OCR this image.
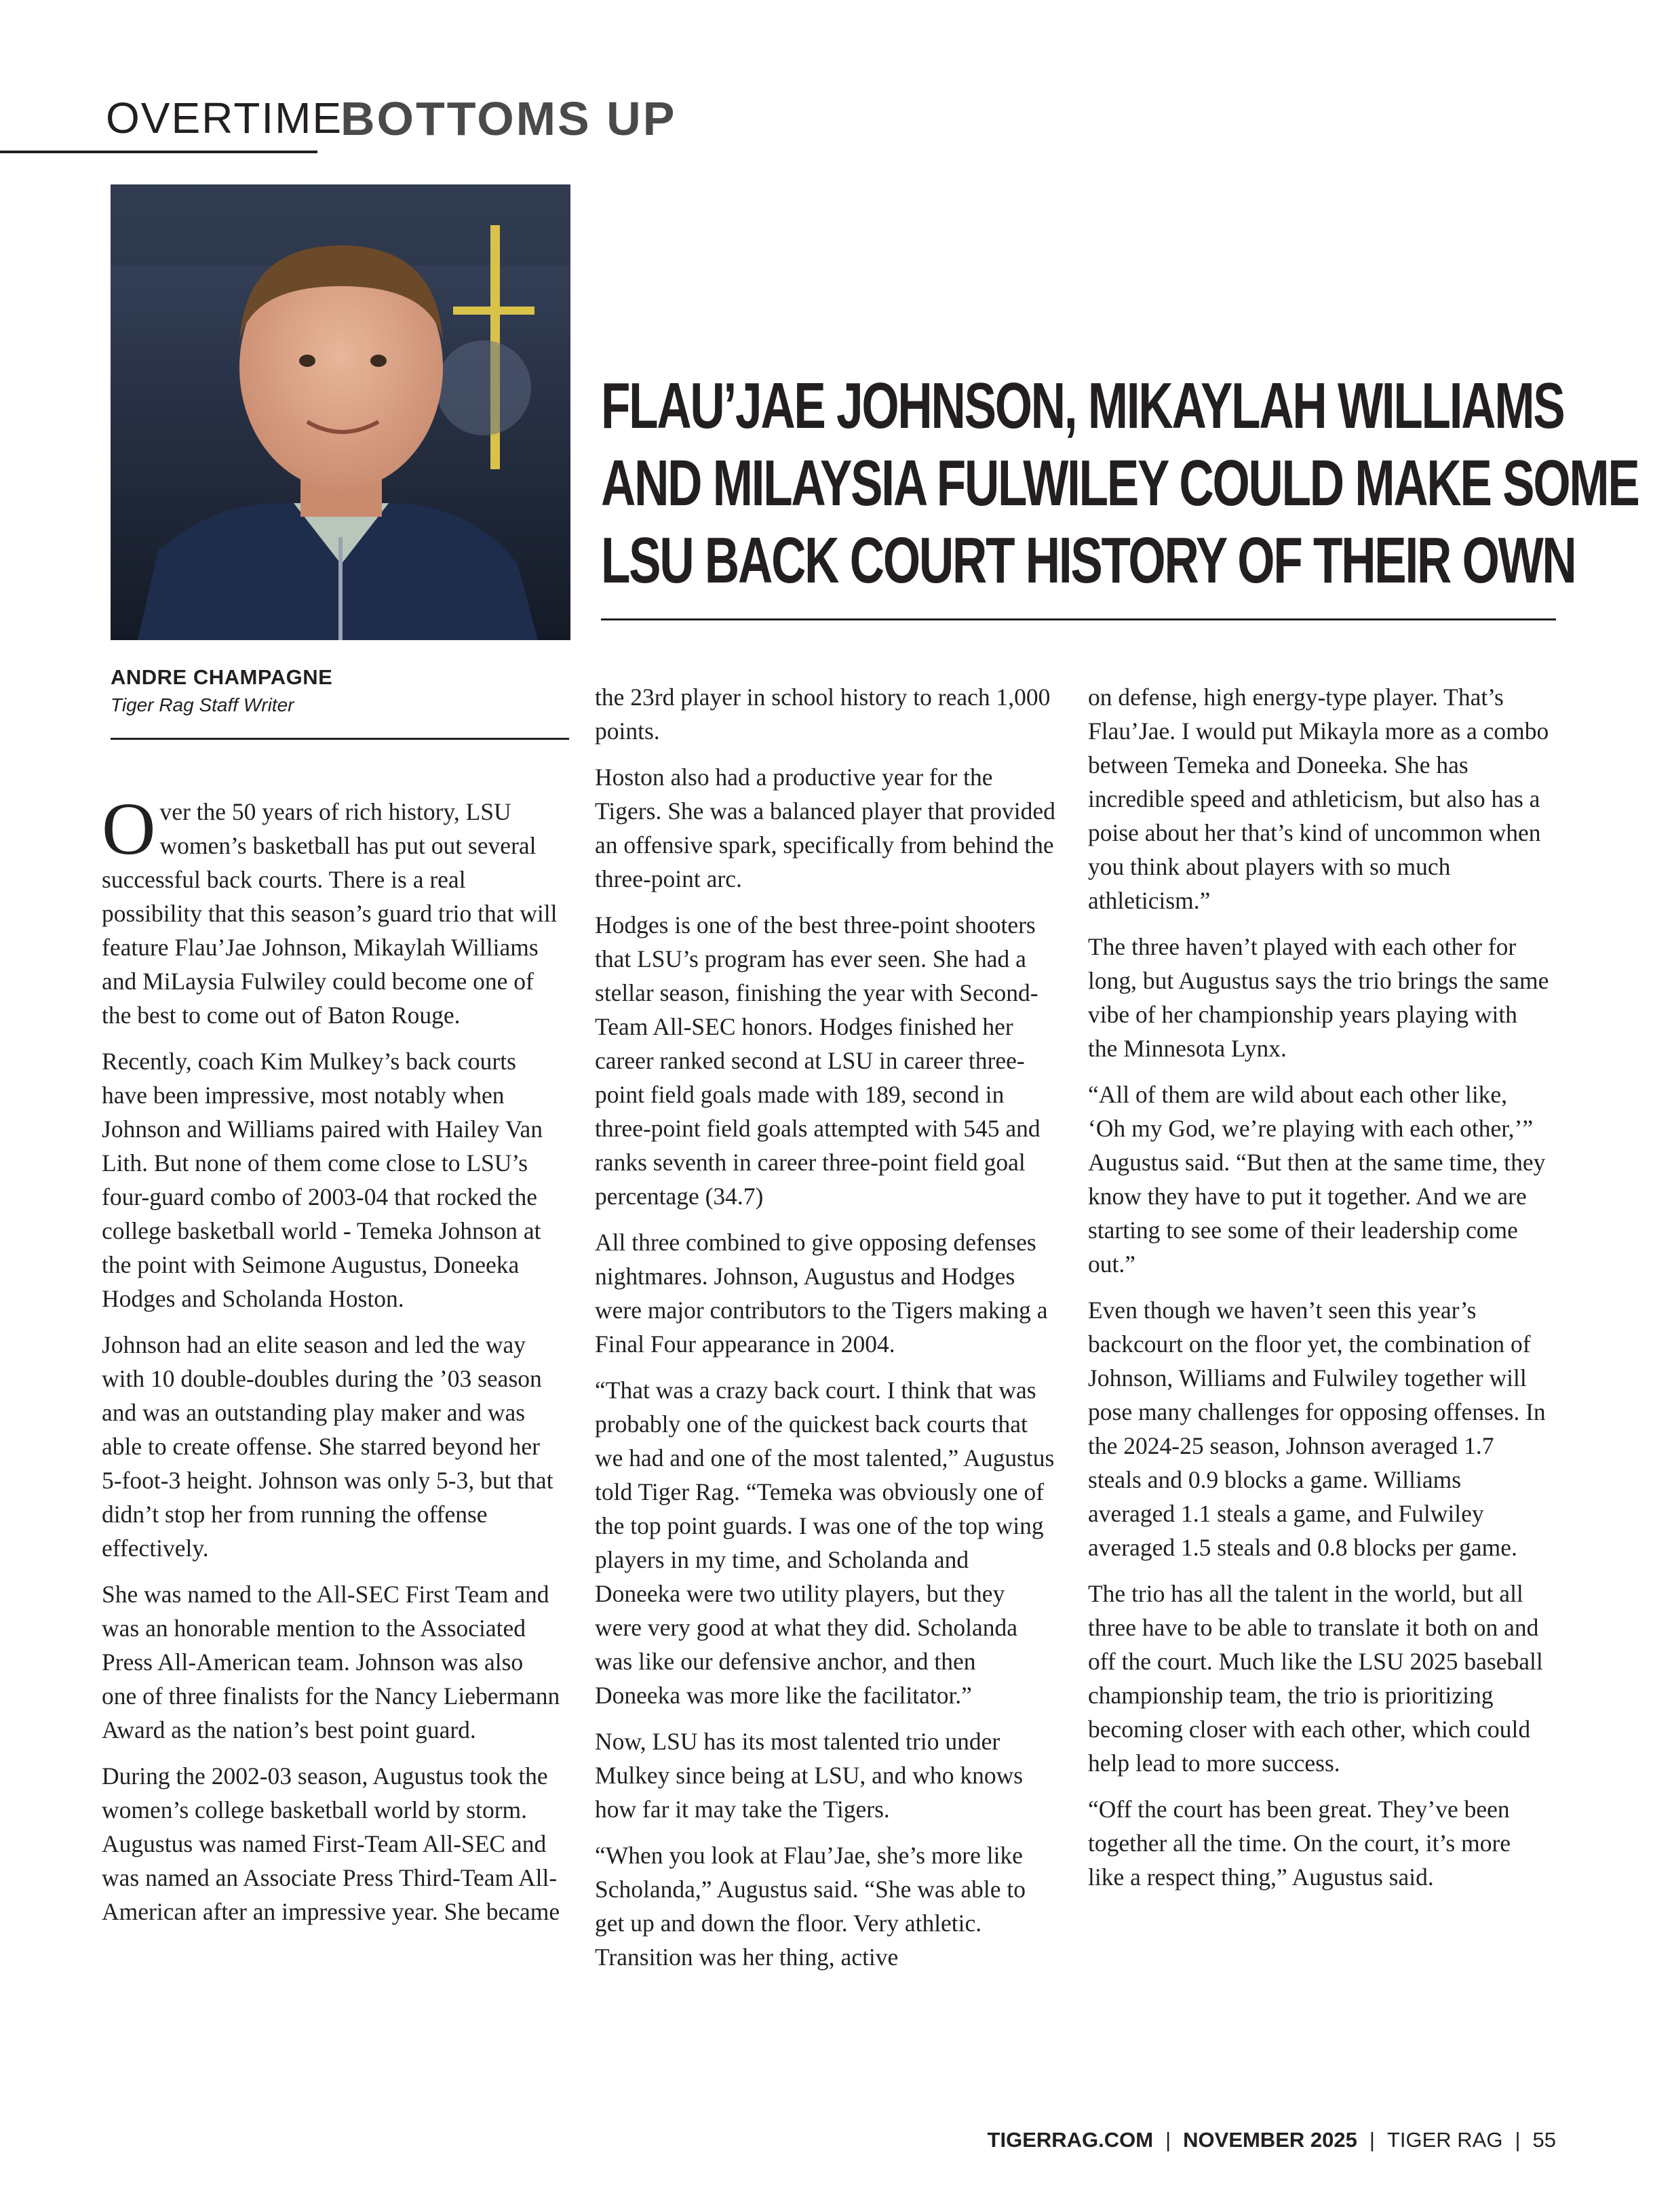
OVERTIME
BOTTOMS UP
FLAU’JAE JOHNSON, MIKAYLAH WILLIAMS
AND MILAYSIA FULWILEY COULD MAKE SOME
LSU BACK COURT HISTORY OF THEIR OWN
ANDRE CHAMPAGNE
Tiger Rag Staff Writer

Over the 50 years of rich history, LSU women’s basketball has put out several successful back courts. There is a real possibility that this season’s guard trio that will feature Flau’Jae Johnson, Mikaylah Williams and MiLaysia Fulwiley could become one of the best to come out of Baton Rouge.

Recently, coach Kim Mulkey’s back courts have been impressive, most notably when Johnson and Williams paired with Hailey Van Lith. But none of them come close to LSU’s four-guard combo of 2003-04 that rocked the college basketball world - Temeka Johnson at the point with Seimone Augustus, Doneeka Hodges and Scholanda Hoston.

Johnson had an elite season and led the way with 10 double-doubles during the ’03 season and was an outstanding play maker and was able to create offense. She starred beyond her 5-foot-3 height. Johnson was only 5-3, but that didn’t stop her from running the offense effectively.

She was named to the All-SEC First Team and was an honorable mention to the Associated Press All-American team. Johnson was also one of three finalists for the Nancy Liebermann Award as the nation’s best point guard.

During the 2002-03 season, Augustus took the women’s college basketball world by storm. Augustus was named First-Team All-SEC and was named an Associate Press Third-Team All-American after an impressive year. She became

the 23rd player in school history to reach 1,000 points.

Hoston also had a productive year for the Tigers. She was a balanced player that provided an offensive spark, specifically from behind the three-point arc.

Hodges is one of the best three-point shooters that LSU’s program has ever seen. She had a stellar season, finishing the year with Second-Team All-SEC honors. Hodges finished her career ranked second at LSU in career three-point field goals made with 189, second in three-point field goals attempted with 545 and ranks seventh in career three-point field goal percentage (34.7)

All three combined to give opposing defenses nightmares. Johnson, Augustus and Hodges were major contributors to the Tigers making a Final Four appearance in 2004.

“That was a crazy back court. I think that was probably one of the quickest back courts that we had and one of the most talented,” Augustus told Tiger Rag. “Temeka was obviously one of the top point guards. I was one of the top wing players in my time, and Scholanda and Doneeka were two utility players, but they were very good at what they did. Scholanda was like our defensive anchor, and then Doneeka was more like the facilitator.”

Now, LSU has its most talented trio under Mulkey since being at LSU, and who knows how far it may take the Tigers.

“When you look at Flau’Jae, she’s more like Scholanda,” Augustus said. “She was able to get up and down the floor. Very athletic. Transition was her thing, active

on defense, high energy-type player. That’s Flau’Jae. I would put Mikayla more as a combo between Temeka and Doneeka. She has incredible speed and athleticism, but also has a poise about her that’s kind of uncommon when you think about players with so much athleticism.”

The three haven’t played with each other for long, but Augustus says the trio brings the same vibe of her championship years playing with the Minnesota Lynx.

“All of them are wild about each other like, ‘Oh my God, we’re playing with each other,’” Augustus said. “But then at the same time, they know they have to put it together. And we are starting to see some of their leadership come out.”

Even though we haven’t seen this year’s backcourt on the floor yet, the combination of Johnson, Williams and Fulwiley together will pose many challenges for opposing offenses. In the 2024-25 season, Johnson averaged 1.7 steals and 0.9 blocks a game. Williams averaged 1.1 steals a game, and Fulwiley averaged 1.5 steals and 0.8 blocks per game.

The trio has all the talent in the world, but all three have to be able to translate it both on and off the court. Much like the LSU 2025 baseball championship team, the trio is prioritizing becoming closer with each other, which could help lead to more success.

“Off the court has been great. They’ve been together all the time. On the court, it’s more like a respect thing,” Augustus said.

TIGERRAG.COM | NOVEMBER 2025 | TIGER RAG | 55
